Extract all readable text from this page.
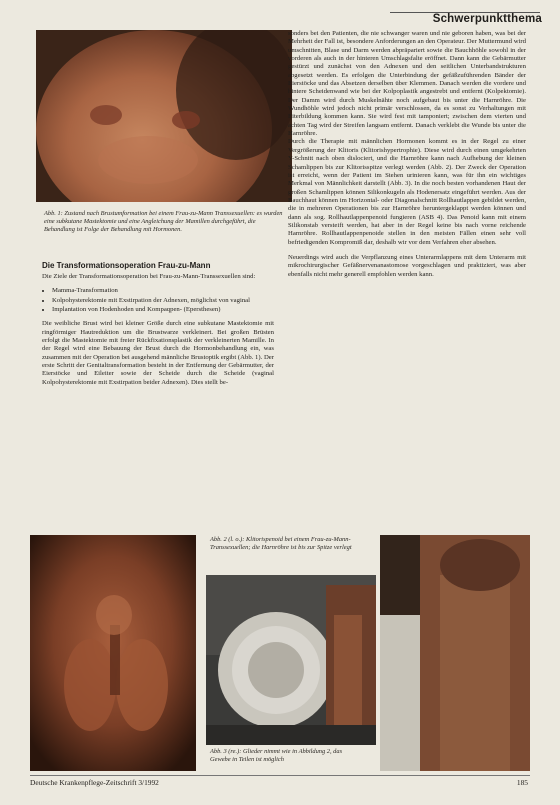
Schwerpunktthema
Abb. 1: Zustand nach Brustumformation bei einem Frau-zu-Mann Transsexuellen: es wurden eine subkutane Mastektomie und eine Angleichung der Mamillen durchgeführt, die Behandlung ist Folge der Behandlung mit Hormonen.
Die Transformationsoperation Frau-zu-Mann

Die Ziele der Transformationsoperation bei Frau-zu-Mann-Transsexuellen sind:

• Mamma-Transformation
• Kolpohysterektomie mit Exstirpation der Adnexen, möglichst von vaginal
• Implantation von Hodenhoden und Kompaqpen- (Epersthesen)

Die weibliche Brust wird bei kleiner Größe durch eine subkutane Mastektomie mit ringförmiger Hautreduktion um die Brustwarze verkleinert. Bei großen Brüsten erfolgt die Mastektomie mit freier Rückfixationsplastik der verkleinerten Mamille. In der Regel wird eine Bebauung der Brust durch die Hormonbehandlung ein, was zusammen mit der Operation bei ausgehend männliche Brustoptik ergibt (Abb. 1). Der erste Schritt der Genitaltransformation besteht in der Entfernung der Gebärmutter, der Eierstöcke und Eileiter sowie der Scheide durch die Scheide (vaginal Kolpohysterektomie mit Exstirpation beider Adnexen). Dies stellt be-

sonders bei den Patienten, die nie schwanger waren und nie geboren haben, was bei der Mehrheit der Fall ist, besondere Anforderungen an den Operateur. Der Muttermund wird umschnitten, Blase und Darm werden abpräpariert sowie die Bauchhöhle sowohl in der vorderen als auch in der hinteren Umschlagsfalte eröffnet. Dann kann die Gebärmutter gestürzt und zunächst von den Adnexen und den seitlichen Unterbandstrukturen abgesetzt werden. Es erfolgen die Unterbindung der gefäßzuführenden Bänder der Eierstöcke und das Absetzen derselben über Klemmen. Danach werden die vordere und hintere Scheidenwand wie bei der Kolpoplastik angestrebt und entfernt (Kolpektomie). Der Damm wird durch Muskelnähte noch aufgebaut bis unter die Harnröhre. Die Wundhöhle wird jedoch nicht primär verschlossen, da es sonst zu Verhaltungen mit Eiterbildung kommen kann. Sie wird fest mit tamponiert; zwischen dem vierten und achten Tag wird der Streifen langsam entfernt. Danach verklebt die Wunde bis unter die Harnröhre.

Durch die Therapie mit männlichen Hormonen kommt es in der Regel zu einer Vergrößerung der Klitoris (Klitorishypertrophie). Diese wird durch einen umgekehrten Y-Schnitt nach oben dislociert, und die Harnröhre kann nach Aufhebung der kleinen Schamlippen bis zur Klitorisspitze verlegt werden (Abb. 2). Der Zweck der Operation ist erreicht, wenn der Patient im Stehen urinieren kann, was für ihn ein wichtiges Merkmal von Männlichkeit darstellt (Abb. 3). In die noch besten vorhandenen Haut der großen Schamlippen können Silikonkugeln als Hodenersatz eingeführt werden. Aus der Bauchhaut können im Horizontal- oder Diagonalschnitt Rollhautlappen gebildet werden, die in mehreren Operationen bis zur Harnröhre heruntergeklappt werden können und dann als sog. Rollhautlappenpenoid fungieren (ASB 4). Das Penoid kann mit einem Silikonstab versteift werden, hat aber in der Regel keine bis nach vorne reichende Harnröhre. Rollhautlappenpenoide stellen in den meisten Fällen einen sehr voll befriedigenden Kompromiß dar, deshalb wir vor dem Verfahren eher absehen.

Neuerdings wird auch die Verpflanzung eines Unterarmlappens mit dem Unterarm mit mikrochirurgischer Gefäßnervenanastomose vorgeschlagen und praktiziert, was aber ebenfalls nicht mehr generell empfohlen werden kann.

Abb. 2 (l. o.): Klitorispenoid bei einem Frau-zu-Mann-Transsexuellen; die Harnröhre ist bis zur Spitze verlegt
Abb. 3 (re.): Glieder nimmt wie in Abbildung 2, das Gewebe in Teilen ist möglich
Deutsche Krankenpflege-Zeitschrift 3/1992	185
